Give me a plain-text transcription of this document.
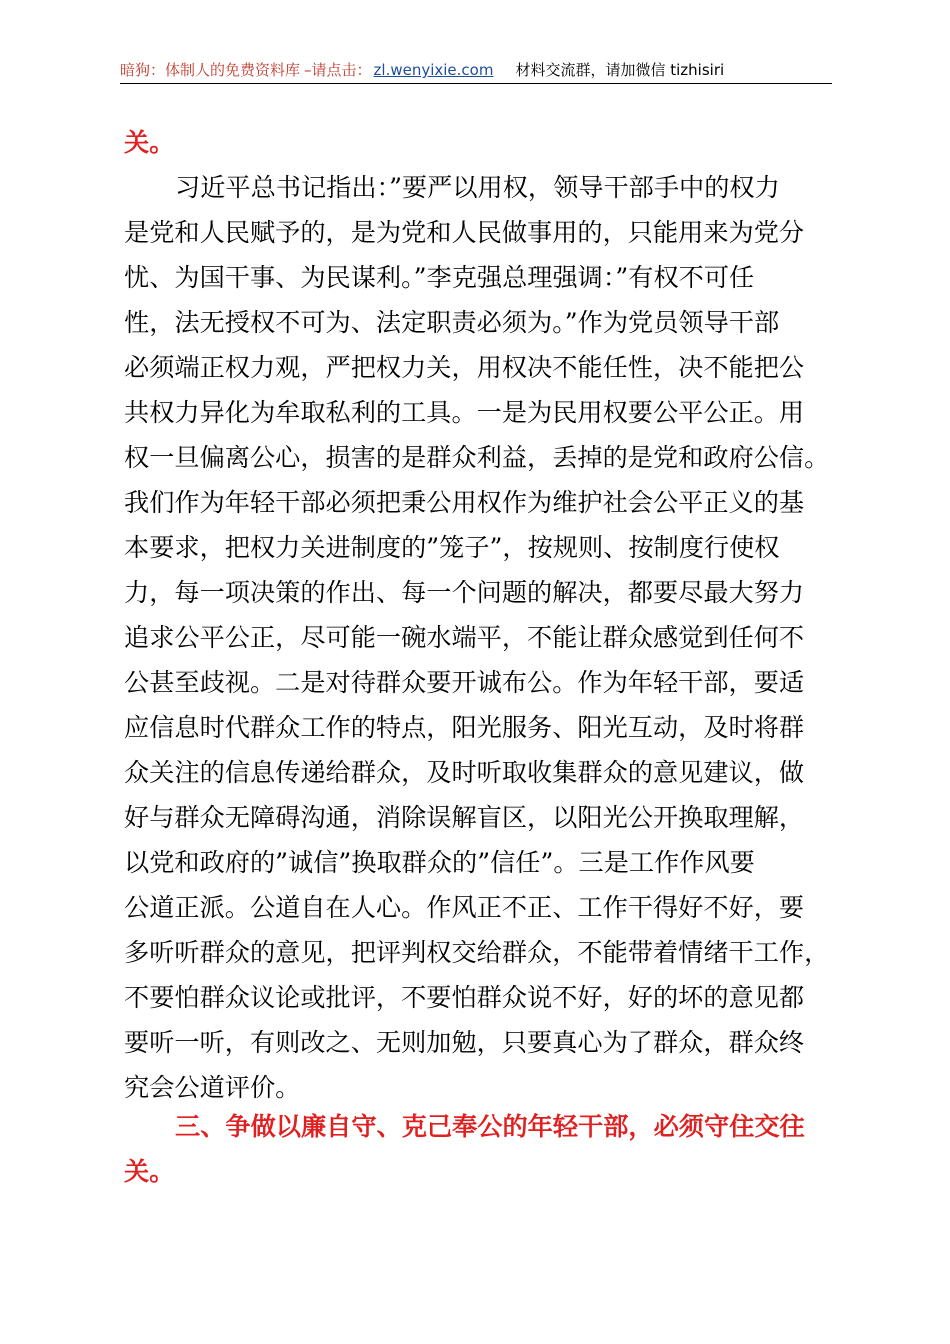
暗狗：体制人的免费资料库 –请点击： zl.wenyixie.com 材料交流群，请加微信 tizhisiri
关。
习近平总书记指出：”要严以用权，领导干部手中的权力
是党和人民赋予的，是为党和人民做事用的，只能用来为党分
忧、为国干事、为民谋利。”李克强总理强调：”有权不可任
性，法无授权不可为、法定职责必须为。”作为党员领导干部
必须端正权力观，严把权力关，用权决不能任性，决不能把公
共权力异化为牟取私利的工具。一是为民用权要公平公正。用
权一旦偏离公心，损害的是群众利益，丢掉的是党和政府公信。
我们作为年轻干部必须把秉公用权作为维护社会公平正义的基
本要求，把权力关进制度的”笼子”，按规则、按制度行使权
力，每一项决策的作出、每一个问题的解决，都要尽最大努力
追求公平公正，尽可能一碗水端平，不能让群众感觉到任何不
公甚至歧视。二是对待群众要开诚布公。作为年轻干部，要适
应信息时代群众工作的特点，阳光服务、阳光互动，及时将群
众关注的信息传递给群众，及时听取收集群众的意见建议，做
好与群众无障碍沟通，消除误解盲区，以阳光公开换取理解，
以党和政府的”诚信”换取群众的”信任”。三是工作作风要
公道正派。公道自在人心。作风正不正、工作干得好不好，要
多听听群众的意见，把评判权交给群众，不能带着情绪干工作，
不要怕群众议论或批评，不要怕群众说不好，好的坏的意见都
要听一听，有则改之、无则加勉，只要真心为了群众，群众终
究会公道评价。
三、争做以廉自守、克己奉公的年轻干部，必须守住交往
关。
